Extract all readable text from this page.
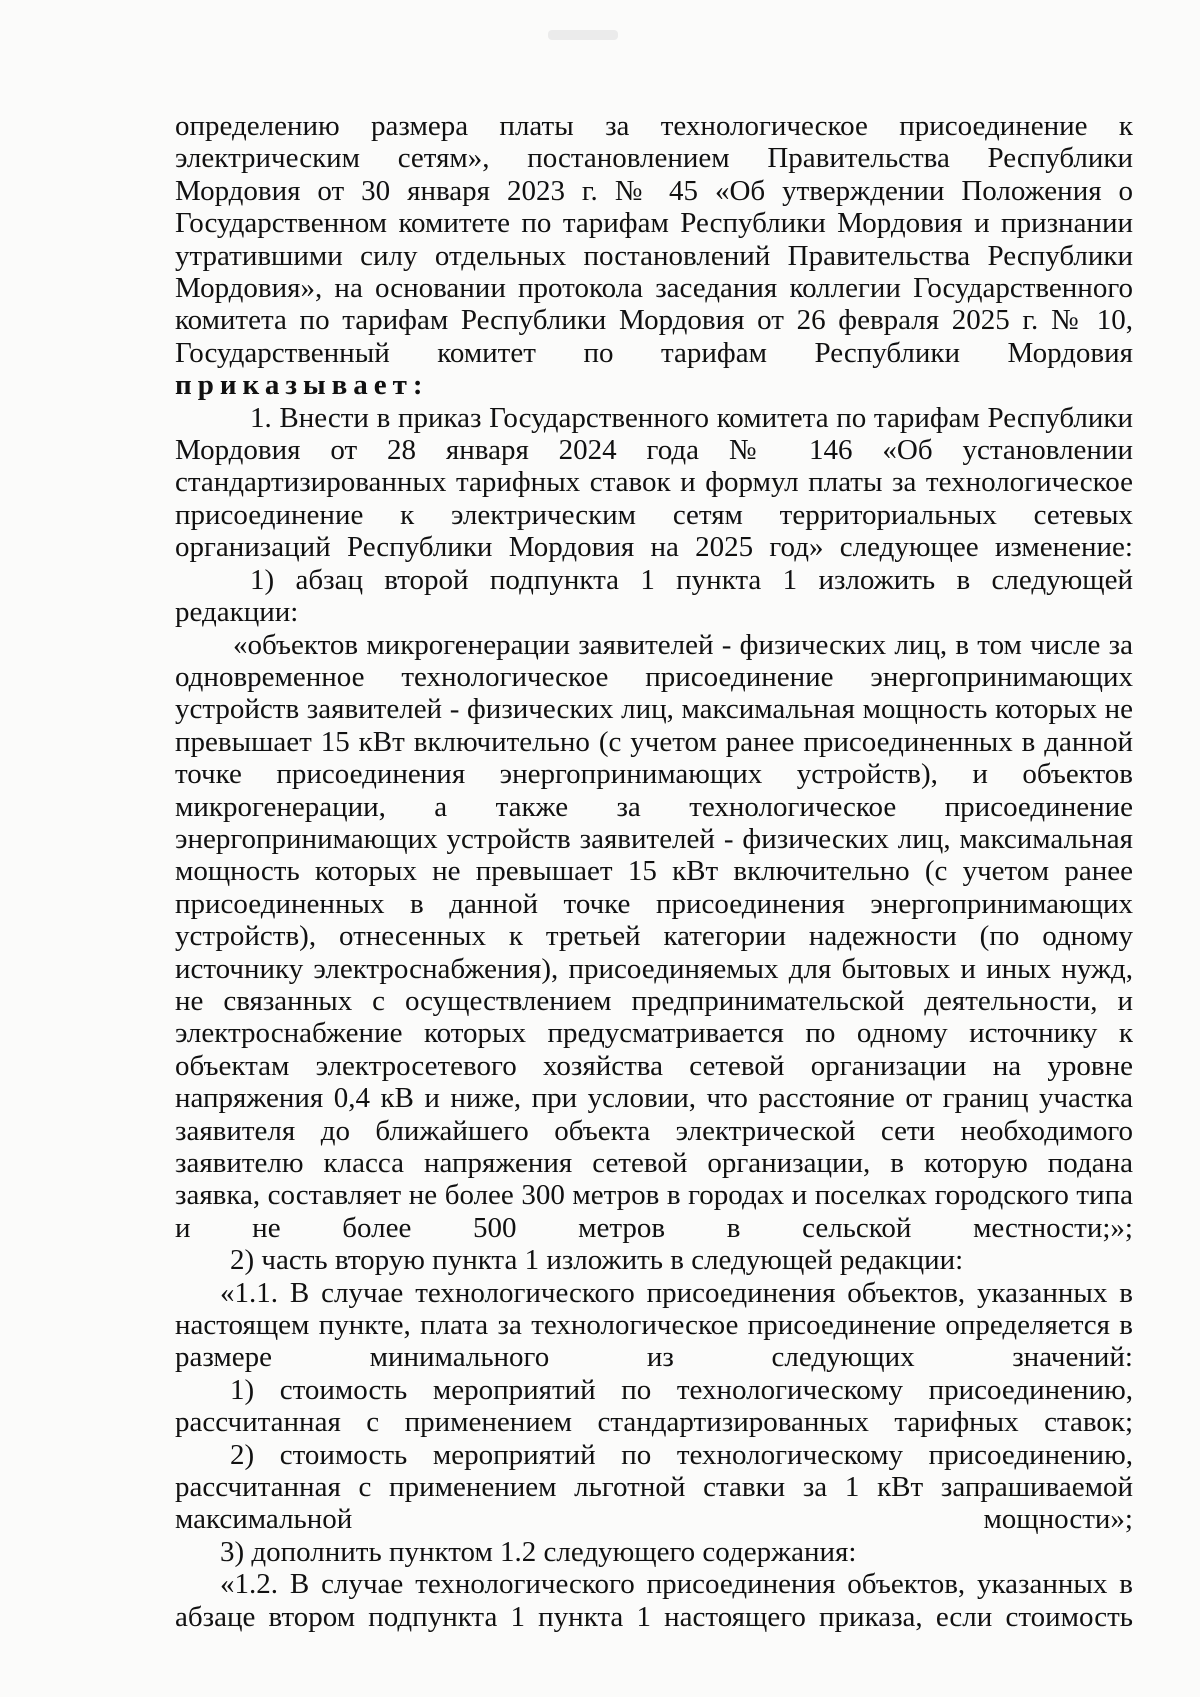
определению размера платы за технологическое присоединение к электрическим сетям», постановлением Правительства Республики Мордовия от 30 января 2023 г. № 45 «Об утверждении Положения о Государственном комитете по тарифам Республики Мордовия и признании утратившими силу отдельных постановлений Правительства Республики Мордовия», на основании протокола заседания коллегии Государственного комитета по тарифам Республики Мордовия от 26 февраля 2025 г. № 10, Государственный комитет по тарифам Республики Мордовия

приказывает:

1. Внести в приказ Государственного комитета по тарифам Республики Мордовия от 28 января 2024 года № 146 «Об установлении стандартизированных тарифных ставок и формул платы за технологическое присоединение к электрическим сетям территориальных сетевых организаций Республики Мордовия на 2025 год» следующее изменение:

1) абзац второй подпункта 1 пункта 1 изложить в следующей редакции:

«объектов микрогенерации заявителей - физических лиц, в том числе за одновременное технологическое присоединение энергопринимающих устройств заявителей - физических лиц, максимальная мощность которых не превышает 15 кВт включительно (с учетом ранее присоединенных в данной точке присоединения энергопринимающих устройств), и объектов микрогенерации, а также за технологическое присоединение энергопринимающих устройств заявителей - физических лиц, максимальная мощность которых не превышает 15 кВт включительно (с учетом ранее присоединенных в данной точке присоединения энергопринимающих устройств), отнесенных к третьей категории надежности (по одному источнику электроснабжения), присоединяемых для бытовых и иных нужд, не связанных с осуществлением предпринимательской деятельности, и электроснабжение которых предусматривается по одному источнику к объектам электросетевого хозяйства сетевой организации на уровне напряжения 0,4 кВ и ниже, при условии, что расстояние от границ участка заявителя до ближайшего объекта электрической сети необходимого заявителю класса напряжения сетевой организации, в которую подана заявка, составляет не более 300 метров в городах и поселках городского типа и не более 500 метров в сельской местности;»;

2) часть вторую пункта 1 изложить в следующей редакции:

«1.1. В случае технологического присоединения объектов, указанных в настоящем пункте, плата за технологическое присоединение определяется в размере минимального из следующих значений:

1) стоимость мероприятий по технологическому присоединению, рассчитанная с применением стандартизированных тарифных ставок;

2) стоимость мероприятий по технологическому присоединению, рассчитанная с применением льготной ставки за 1 кВт запрашиваемой максимальной мощности»;

3) дополнить пунктом 1.2 следующего содержания:

«1.2. В случае технологического присоединения объектов, указанных в абзаце втором подпункта 1 пункта 1 настоящего приказа, если стоимость
